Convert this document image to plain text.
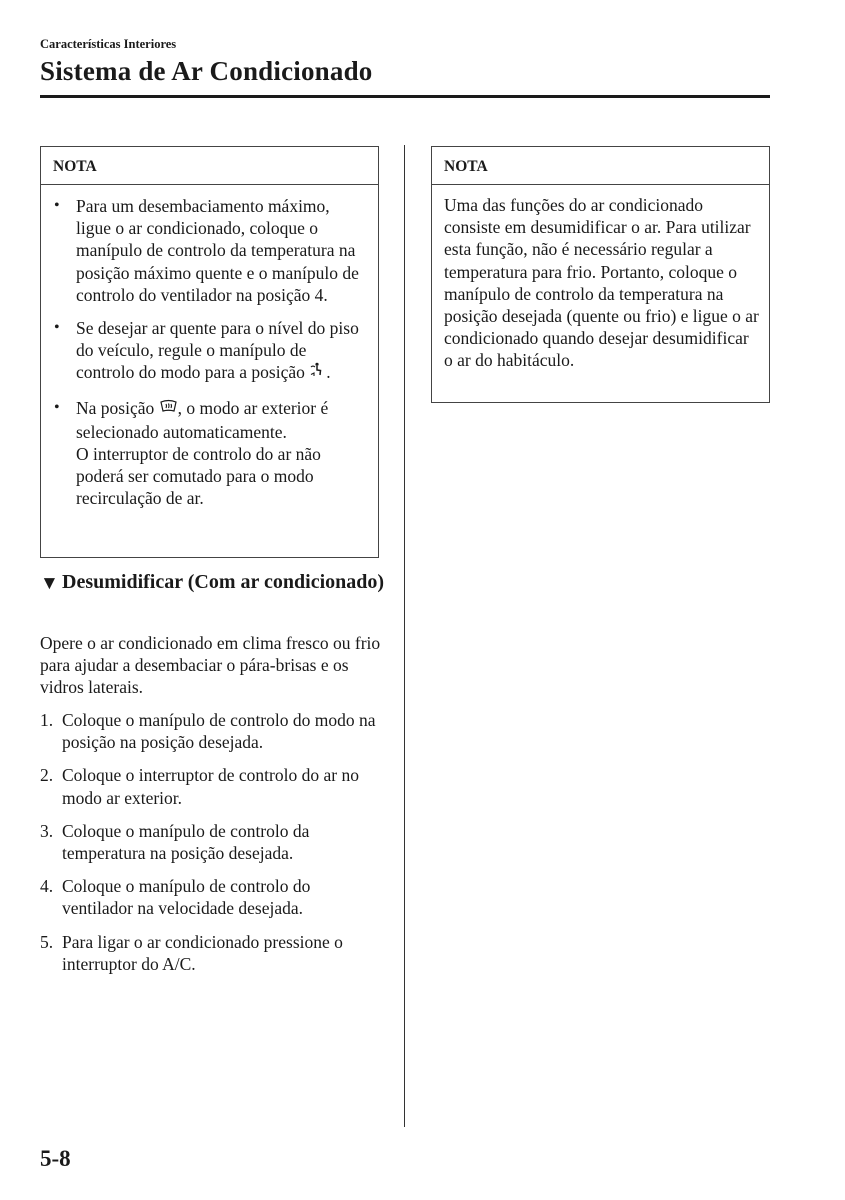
Características Interiores
Sistema de Ar Condicionado
NOTA
• Para um desembaciamento máximo, ligue o ar condicionado, coloque o manípulo de controlo da temperatura na posição máximo quente e o manípulo de controlo do ventilador na posição 4.
• Se desejar ar quente para o nível do piso do veículo, regule o manípulo de controlo do modo para a posição .
• Na posição , o modo ar exterior é selecionado automaticamente.
O interruptor de controlo do ar não poderá ser comutado para o modo recirculação de ar.
NOTA

Uma das funções do ar condicionado consiste em desumidificar o ar. Para utilizar esta função, não é necessário regular a temperatura para frio. Portanto, coloque o manípulo de controlo da temperatura na posição desejada (quente ou frio) e ligue o ar condicionado quando desejar desumidificar o ar do habitáculo.

▼ Desumidificar (Com ar condicionado)

Opere o ar condicionado em clima fresco ou frio para ajudar a desembaciar o pára-brisas e os vidros laterais.

1. Coloque o manípulo de controlo do modo na posição na posição desejada.
2. Coloque o interruptor de controlo do ar no modo ar exterior.
3. Coloque o manípulo de controlo da temperatura na posição desejada.
4. Coloque o manípulo de controlo do ventilador na velocidade desejada.
5. Para ligar o ar condicionado pressione o interruptor do A/C.
5-8
